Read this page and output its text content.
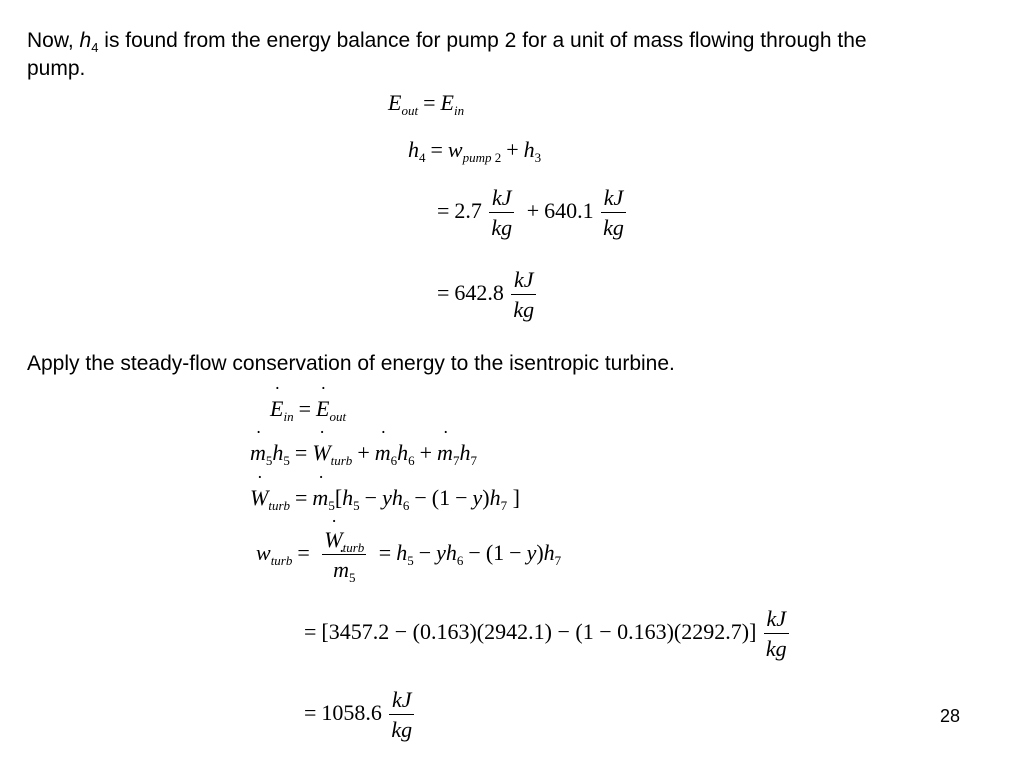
Now, $h_4$ is found from the energy balance for pump 2 for a unit of mass flowing through the pump.
$E_{out} = E_{in}$
$h_4 = w_{pump 2} + h_3$
= $2.7 \frac{kJ}{kg} + 640.1 \frac{kJ}{kg}$
= $642.8 \frac{kJ}{kg}$
Apply the steady-flow conservation of energy to the isentropic turbine.
˙ $E_{in}$ = ˙ $E_{out}$
˙ $m_5h_5$ = ˙ $W_{turb}$ + ˙ $m_6h_6$ + ˙ $m_7h_7$
˙ $W_{turb}$ = ˙ $m_5[h_5 - yh_6 - (1 - y)h_7$ ]
$w_{turb}$ = ˙ $W_{turb}$
˙ $m_5 = h_5 - yh_6 - (1 - y)h_7$
= $[3457.2 - (0.163)(2942.1) - (1 - 0.163)(2292.7)] \frac{kJ}{kg}$
= $1058.6 \frac{kJ}{kg}$	28
